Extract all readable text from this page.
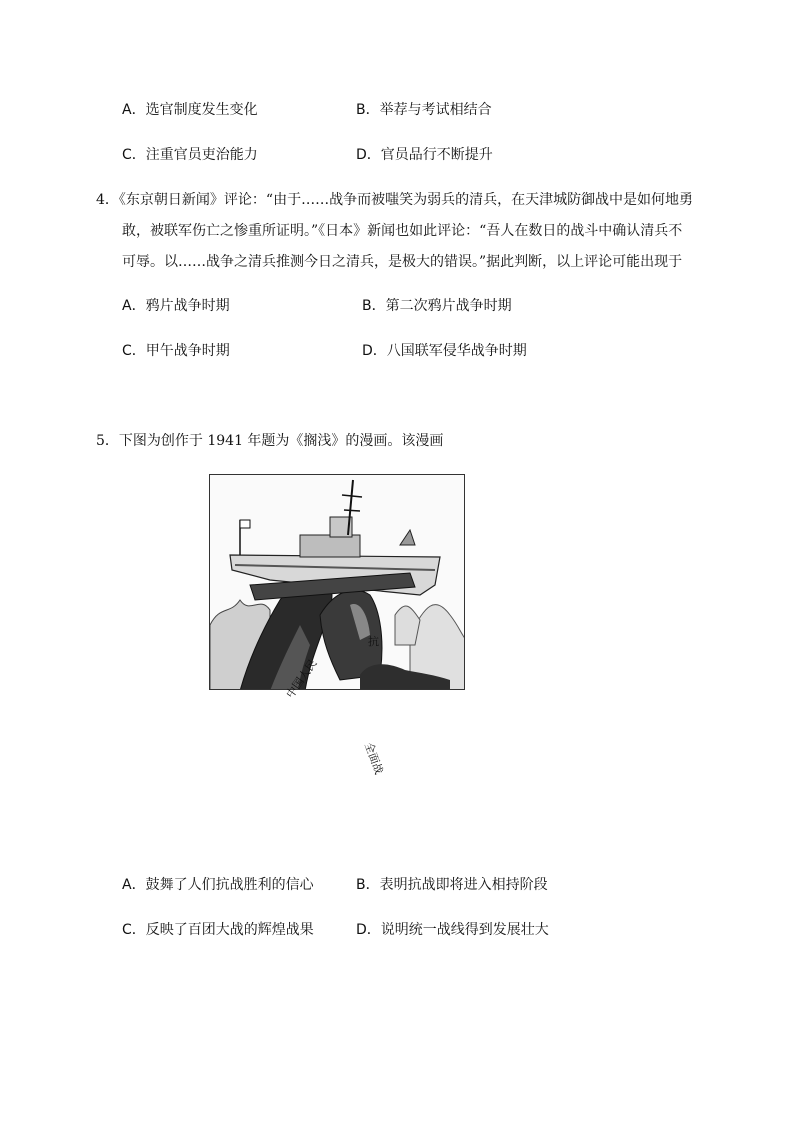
A．选官制度发生变化	B．举荐与考试相结合
C．注重官员吏治能力	D．官员品行不断提升
4．《东京朝日新闻》评论：“由于……战争而被嗤笑为弱兵的清兵，在天津城防御战中是如何地勇
敢，被联军伤亡之惨重所证明。”《日本》新闻也如此评论：“吾人在数日的战斗中确认清兵不
可辱。以……战争之清兵推测今日之清兵，是极大的错误。”据此判断，以上评论可能出现于
A．鸦片战争时期	B．第二次鸦片战争时期
C．甲午战争时期	D．八国联军侵华战争时期
5．下图为创作于 1941 年题为《搁浅》的漫画。该漫画
抗
中国人民
全面战
A．鼓舞了人们抗战胜利的信心	B．表明抗战即将进入相持阶段
C．反映了百团大战的辉煌战果	D．说明统一战线得到发展壮大
